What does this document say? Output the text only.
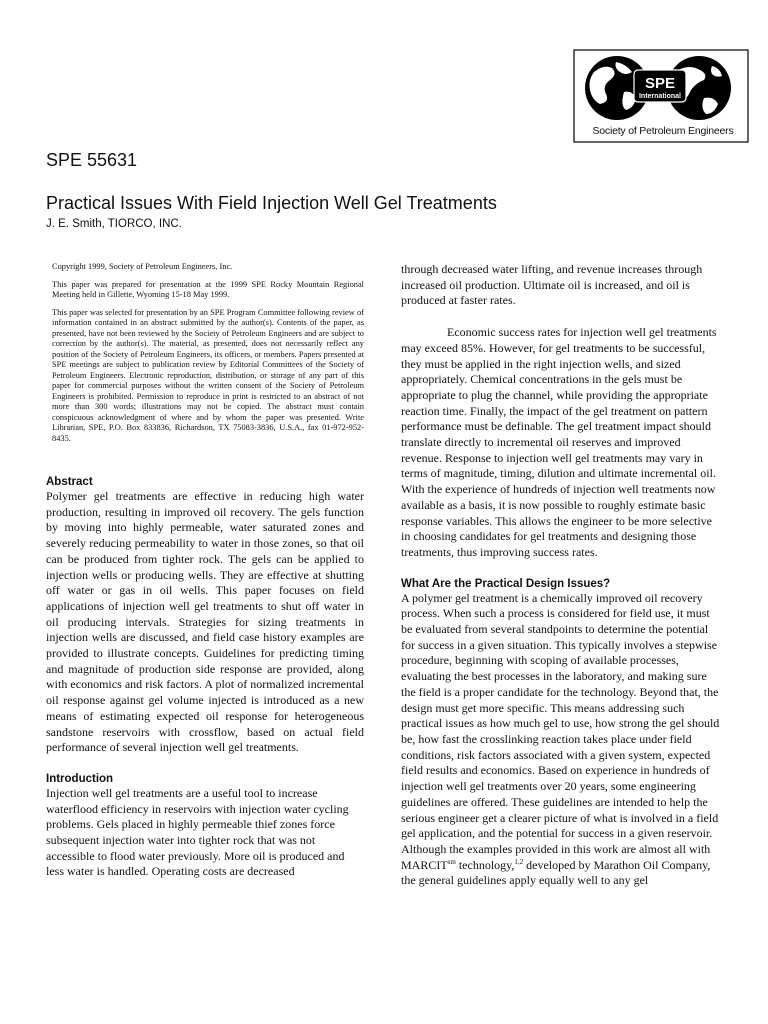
SPE
International
Society of Petroleum Engineers
SPE 55631
Practical Issues With Field Injection Well Gel Treatments
J. E. Smith, TIORCO, INC.

Copyright 1999, Society of Petroleum Engineers, Inc.

This paper was prepared for presentation at the 1999 SPE Rocky Mountain Regional Meeting held in Gillette, Wyoming 15-18 May 1999.

This paper was selected for presentation by an SPE Program Committee following review of information contained in an abstract submitted by the author(s). Contents of the paper, as presented, have not been reviewed by the Society of Petroleum Engineers and are subject to correction by the author(s). The material, as presented, does not necessarily reflect any position of the Society of Petroleum Engineers, its officers, or members. Papers presented at SPE meetings are subject to publication review by Editorial Committees of the Society of Petroleum Engineers. Electronic reproduction, distribution, or storage of any part of this paper for commercial purposes without the written consent of the Society of Petroleum Engineers is prohibited. Permission to reproduce in print is restricted to an abstract of not more than 300 words; illustrations may not be copied. The abstract must contain conspicuous acknowledgment of where and by whom the paper was presented. Write Librarian, SPE, P.O. Box 833836, Richardson, TX 75083-3836, U.S.A., fax 01-972-952-8435.

Abstract

Polymer gel treatments are effective in reducing high water production, resulting in improved oil recovery. The gels function by moving into highly permeable, water saturated zones and severely reducing permeability to water in those zones, so that oil can be produced from tighter rock. The gels can be applied to injection wells or producing wells. They are effective at shutting off water or gas in oil wells. This paper focuses on field applications of injection well gel treatments to shut off water in oil producing intervals. Strategies for sizing treatments in injection wells are discussed, and field case history examples are provided to illustrate concepts. Guidelines for predicting timing and magnitude of production side response are provided, along with economics and risk factors. A plot of normalized incremental oil response against gel volume injected is introduced as a new means of estimating expected oil response for heterogeneous sandstone reservoirs with crossflow, based on actual field performance of several injection well gel treatments.

Introduction

Injection well gel treatments are a useful tool to increase waterflood efficiency in reservoirs with injection water cycling problems. Gels placed in highly permeable thief zones force subsequent injection water into tighter rock that was not accessible to flood water previously. More oil is produced and less water is handled. Operating costs are decreased

through decreased water lifting, and revenue increases through increased oil production. Ultimate oil is increased, and oil is produced at faster rates.

Economic success rates for injection well gel treatments may exceed 85%. However, for gel treatments to be successful, they must be applied in the right injection wells, and sized appropriately. Chemical concentrations in the gels must be appropriate to plug the channel, while providing the appropriate reaction time. Finally, the impact of the gel treatment on pattern performance must be definable. The gel treatment impact should translate directly to incremental oil reserves and improved revenue. Response to injection well gel treatments may vary in terms of magnitude, timing, dilution and ultimate incremental oil. With the experience of hundreds of injection well treatments now available as a basis, it is now possible to roughly estimate basic response variables. This allows the engineer to be more selective in choosing candidates for gel treatments and designing those treatments, thus improving success rates.

What Are the Practical Design Issues?

A polymer gel treatment is a chemically improved oil recovery process. When such a process is considered for field use, it must be evaluated from several standpoints to determine the potential for success in a given situation. This typically involves a stepwise procedure, beginning with scoping of available processes, evaluating the best processes in the laboratory, and making sure the field is a proper candidate for the technology. Beyond that, the design must get more specific. This means addressing such practical issues as how much gel to use, how strong the gel should be, how fast the crosslinking reaction takes place under field conditions, risk factors associated with a given system, expected field results and economics. Based on experience in hundreds of injection well gel treatments over 20 years, some engineering guidelines are offered. These guidelines are intended to help the serious engineer get a clearer picture of what is involved in a field gel application, and the potential for success in a given reservoir. Although the examples provided in this work are almost all with $MARCIT^{sm}$ technology,$^{1,2}$ developed by Marathon Oil Company, the general guidelines apply equally well to any gel
